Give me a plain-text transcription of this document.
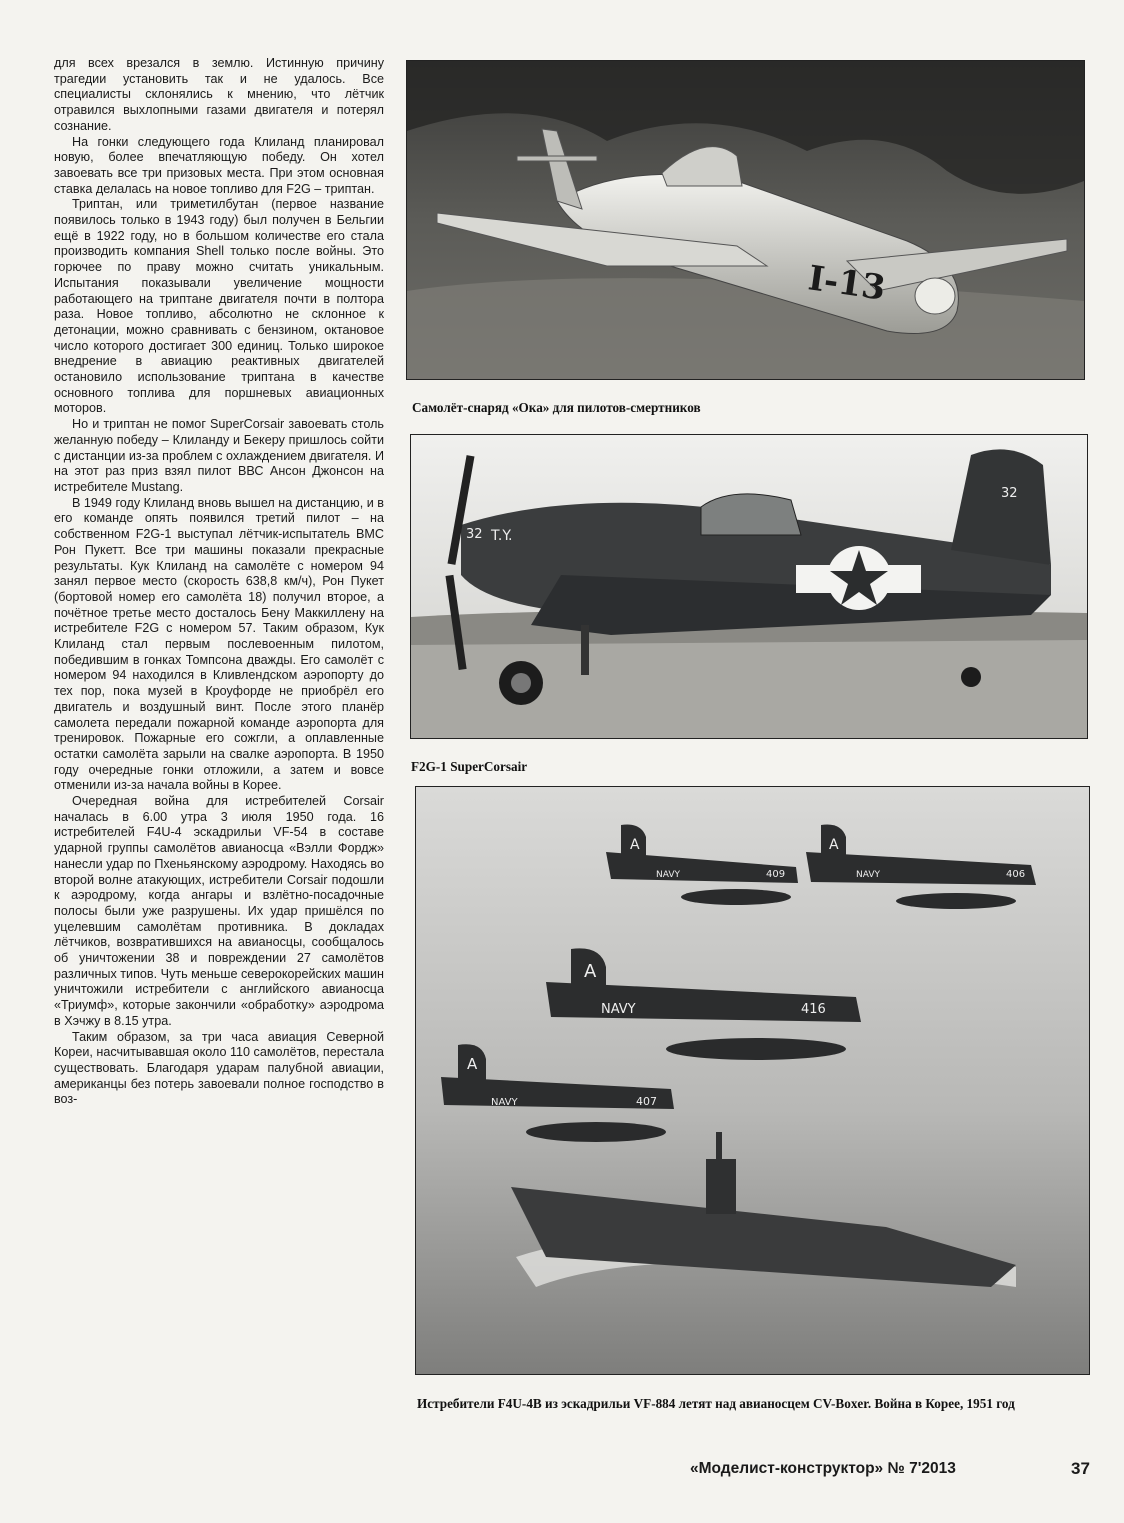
для всех врезался в землю. Истинную причину трагедии установить так и не удалось. Все специалисты склонялись к мнению, что лётчик отравился выхлопными газами двигателя и потерял сознание.

На гонки следующего года Клиланд планировал новую, более впечатляющую победу. Он хотел завоевать все три призовых места. При этом основная ставка делалась на новое топливо для F2G – триптан.

Триптан, или триметилбутан (первое название появилось только в 1943 году) был получен в Бельгии ещё в 1922 году, но в большом количестве его стала производить компания Shell только после войны. Это горючее по праву можно считать уникальным. Испытания показывали увеличение мощности работающего на триптане двигателя почти в полтора раза. Новое топливо, абсолютно не склонное к детонации, можно сравнивать с бензином, октановое число которого достигает 300 единиц. Только широкое внедрение в авиацию реактивных двигателей остановило использование триптана в качестве основного топлива для поршневых авиационных моторов.

Но и триптан не помог SuperCorsair завоевать столь желанную победу – Клиланду и Бекеру пришлось сойти с дистанции из-за проблем с охлаждением двигателя. И на этот раз приз взял пилот ВВС Ансон Джонсон на истребителе Mustang.

В 1949 году Клиланд вновь вышел на дистанцию, и в его команде опять появился третий пилот – на собственном F2G-1 выступал лётчик-испытатель ВМС Рон Пукетт. Все три машины показали прекрасные результаты. Кук Клиланд на самолёте с номером 94 занял первое место (скорость 638,8 км/ч), Рон Пукет (бортовой номер его самолёта 18) получил второе, а почётное третье место досталось Бену Маккиллену на истребителе F2G с номером 57. Таким образом, Кук Клиланд стал первым послевоенным пилотом, победившим в гонках Томпсона дважды. Его самолёт с номером 94 находился в Кливлендском аэропорту до тех пор, пока музей в Кроуфорде не приобрёл его двигатель и воздушный винт. После этого планёр самолета передали пожарной команде аэропорта для тренировок. Пожарные его сожгли, а оплавленные остатки самолёта зарыли на свалке аэропорта. В 1950 году очередные гонки отложили, а затем и вовсе отменили из-за начала войны в Корее.

Очередная война для истребителей Corsair началась в 6.00 утра 3 июля 1950 года. 16 истребителей F4U-4 эскадрильи VF-54 в составе ударной группы самолётов авианосца «Вэлли Фордж» нанесли удар по Пхеньянскому аэродрому. Находясь во второй волне атакующих, истребители Corsair подошли к аэродрому, когда ангары и взлётно-посадочные полосы были уже разрушены. Их удар пришёлся по уцелевшим самолётам противника. В докладах лётчиков, возвратившихся на авианосцы, сообщалось об уничтожении 38 и повреждении 27 самолётов различных типов. Чуть меньше северокорейских машин уничтожили истребители с английского авианосца «Триумф», которые закончили «обработку» аэродрома в Хэчжу в 8.15 утра.

Таким образом, за три часа авиация Северной Кореи, насчитывавшая около 110 самолётов, перестала существовать. Благодаря ударам палубной авиации, американцы без потерь завоевали полное господство в воз-

I-13
Самолёт-снаряд «Ока» для пилотов-смертников
32 T.Y.
32
F2G-1 SuperCorsair
A
NAVY	409
A
NAVY	406
A
NAVY	416
A
NAVY	407
Истребители F4U-4B из эскадрильи VF-884 летят над авианосцем CV-Boxer. Война в Корее, 1951 год
«Моделист-конструктор» № 7'2013	37
